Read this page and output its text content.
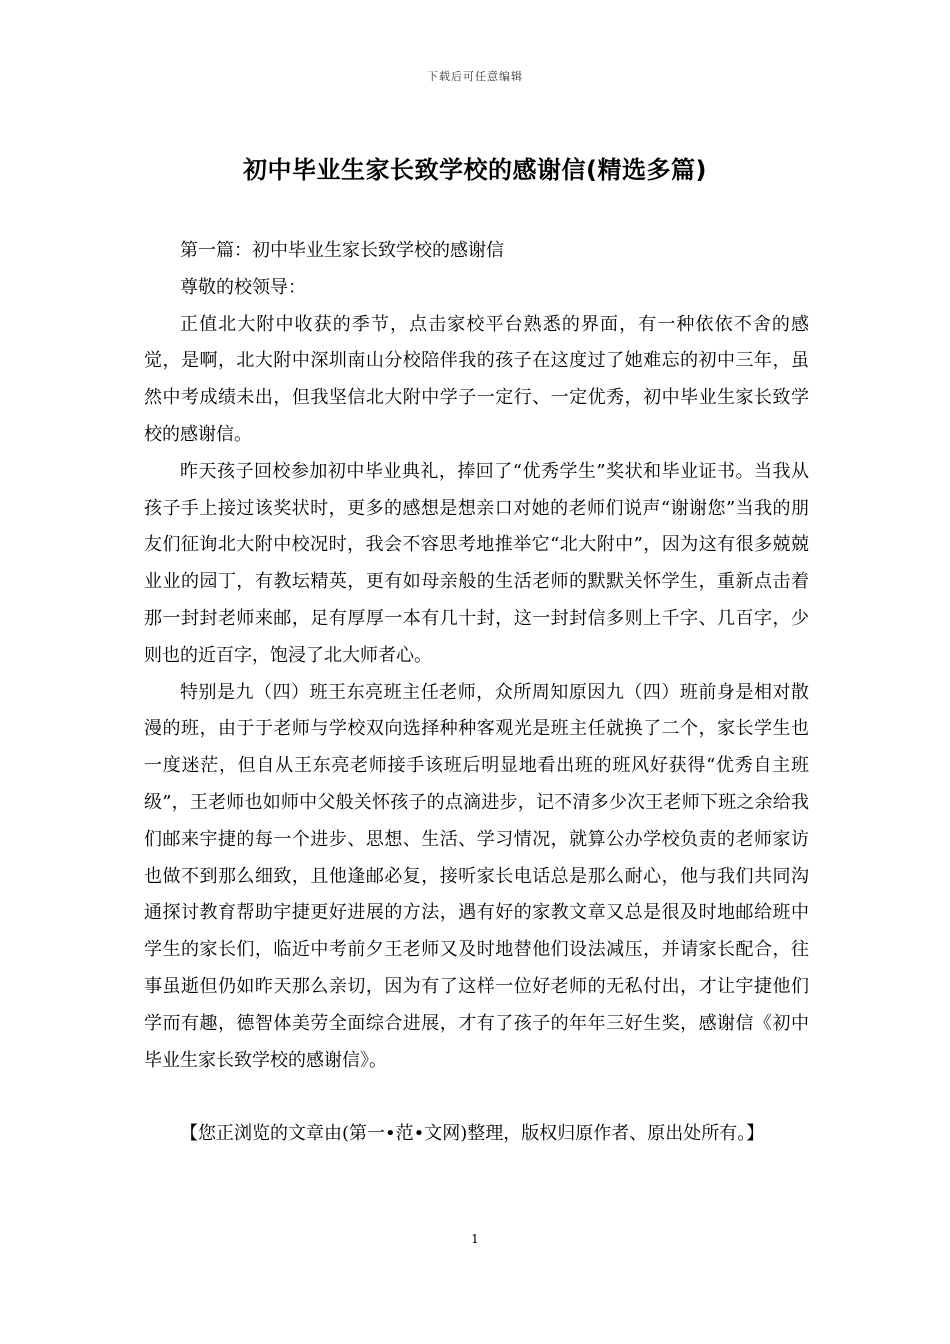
下载后可任意编辑
初中毕业生家长致学校的感谢信(精选多篇)

第一篇：初中毕业生家长致学校的感谢信

尊敬的校领导：

正值北大附中收获的季节，点击家校平台熟悉的界面，有一种依依不舍的感觉，是啊，北大附中深圳南山分校陪伴我的孩子在这度过了她难忘的初中三年，虽然中考成绩未出，但我坚信北大附中学子一定行、一定优秀，初中毕业生家长致学校的感谢信。

昨天孩子回校参加初中毕业典礼，捧回了“优秀学生”奖状和毕业证书。当我从孩子手上接过该奖状时，更多的感想是想亲口对她的老师们说声“谢谢您”当我的朋友们征询北大附中校况时，我会不容思考地推举它“北大附中”，因为这有很多兢兢业业的园丁，有教坛精英，更有如母亲般的生活老师的默默关怀学生，重新点击着那一封封老师来邮，足有厚厚一本有几十封，这一封封信多则上千字、几百字，少则也的近百字，饱浸了北大师者心。

特别是九（四）班王东亮班主任老师，众所周知原因九（四）班前身是相对散漫的班，由于于老师与学校双向选择种种客观光是班主任就换了二个，家长学生也一度迷茫，但自从王东亮老师接手该班后明显地看出班的班风好获得“优秀自主班级”，王老师也如师中父般关怀孩子的点滴进步，记不清多少次王老师下班之余给我们邮来宇捷的每一个进步、思想、生活、学习情况，就算公办学校负责的老师家访也做不到那么细致，且他逢邮必复，接听家长电话总是那么耐心，他与我们共同沟通探讨教育帮助宇捷更好进展的方法，遇有好的家教文章又总是很及时地邮给班中学生的家长们，临近中考前夕王老师又及时地替他们设法减压，并请家长配合，往事虽逝但仍如昨天那么亲切，因为有了这样一位好老师的无私付出，才让宇捷他们学而有趣，德智体美劳全面综合进展，才有了孩子的年年三好生奖，感谢信《初中毕业生家长致学校的感谢信》。

【您正浏览的文章由(第一•范•文网)整理，版权归原作者、原出处所有。】

1
